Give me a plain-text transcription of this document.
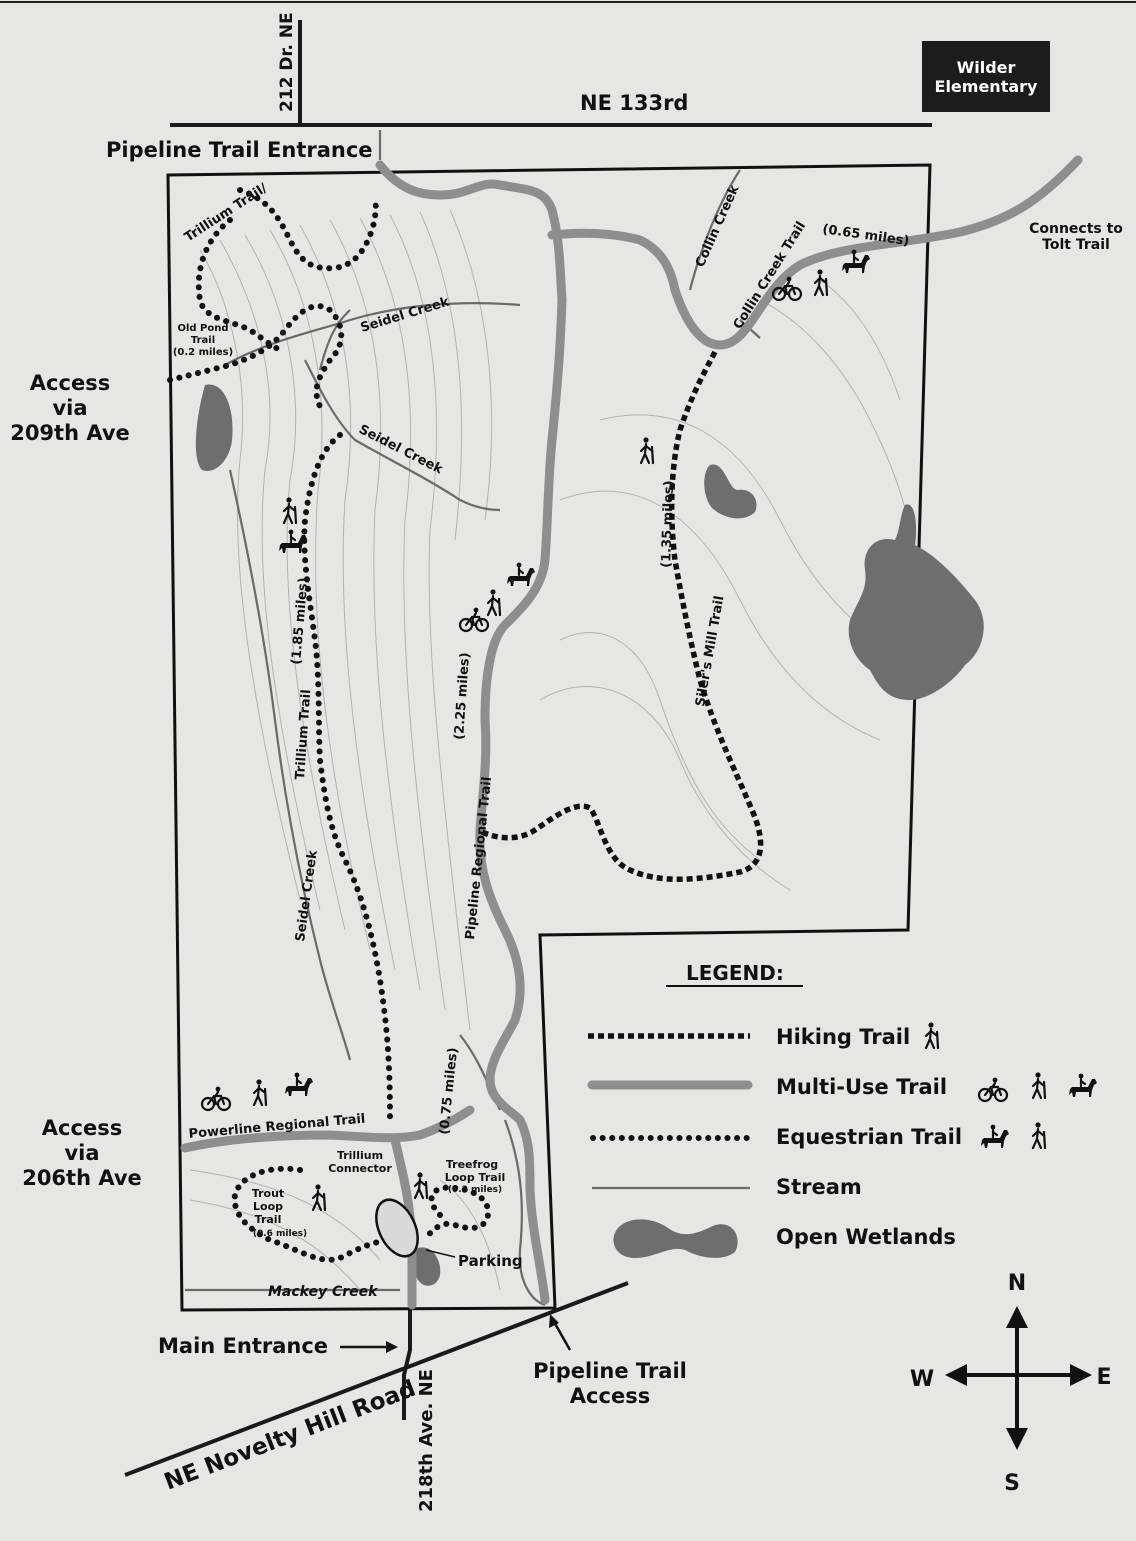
Wilder Elementary
212 Dr. NE	NE 133rd
NE Novelty Hill Road
218th Ave. NE
Pipeline Trail Entrance
Access
via
209th Ave
Access
via
206th Ave
Main Entrance
Pipeline Trail
Access
Connects to
Tolt Trail
Parking
Trillium Trail/
Old Pond
Trail
(0.2 miles)
Seidel Creek
Seidel Creek
Seidel Creek
Collin Creek
Collin Creek Trail (0.65 miles)
(1.85 miles)
Trillium Trail	(2.25 miles)
Pipeline Regional Trail
(1.35 miles)
Siler's Mill Trail
Powerline Regional Trail	(0.75 miles)
Trillium
Connector	Treefrog
Loop Trail
(0.3 miles)
Trout
Loop
Trail
(0.6 miles)
Mackey Creek
LEGEND:
Hiking Trail
Multi-Use Trail
Equestrian Trail
Stream
Open Wetlands
N
S
E
W
